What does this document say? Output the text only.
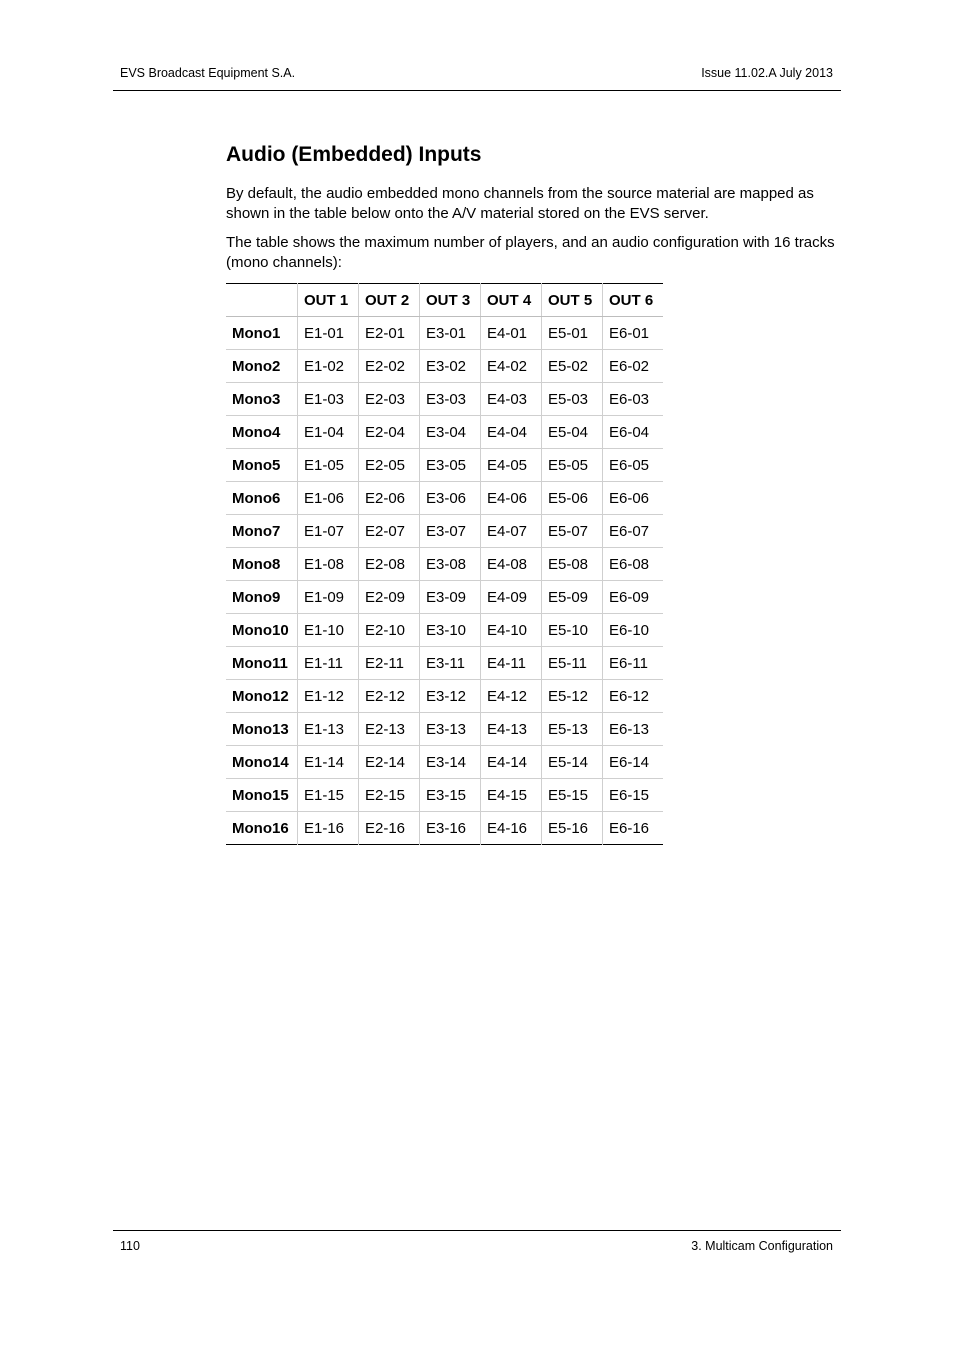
EVS Broadcast Equipment S.A.	Issue 11.02.A July 2013
Audio (Embedded) Inputs

By default, the audio embedded mono channels from the source material are mapped as shown in the table below onto the A/V material stored on the EVS server.

The table shows the maximum number of players, and an audio configuration with 16 tracks (mono channels):

	OUT 1	OUT 2	OUT 3	OUT 4	OUT 5	OUT 6
Mono1	E1-01	E2-01	E3-01	E4-01	E5-01	E6-01
Mono2	E1-02	E2-02	E3-02	E4-02	E5-02	E6-02
Mono3	E1-03	E2-03	E3-03	E4-03	E5-03	E6-03
Mono4	E1-04	E2-04	E3-04	E4-04	E5-04	E6-04
Mono5	E1-05	E2-05	E3-05	E4-05	E5-05	E6-05
Mono6	E1-06	E2-06	E3-06	E4-06	E5-06	E6-06
Mono7	E1-07	E2-07	E3-07	E4-07	E5-07	E6-07
Mono8	E1-08	E2-08	E3-08	E4-08	E5-08	E6-08
Mono9	E1-09	E2-09	E3-09	E4-09	E5-09	E6-09
Mono10	E1-10	E2-10	E3-10	E4-10	E5-10	E6-10
Mono11	E1-11	E2-11	E3-11	E4-11	E5-11	E6-11
Mono12	E1-12	E2-12	E3-12	E4-12	E5-12	E6-12
Mono13	E1-13	E2-13	E3-13	E4-13	E5-13	E6-13
Mono14	E1-14	E2-14	E3-14	E4-14	E5-14	E6-14
Mono15	E1-15	E2-15	E3-15	E4-15	E5-15	E6-15
Mono16	E1-16	E2-16	E3-16	E4-16	E5-16	E6-16
110	3. Multicam Configuration
